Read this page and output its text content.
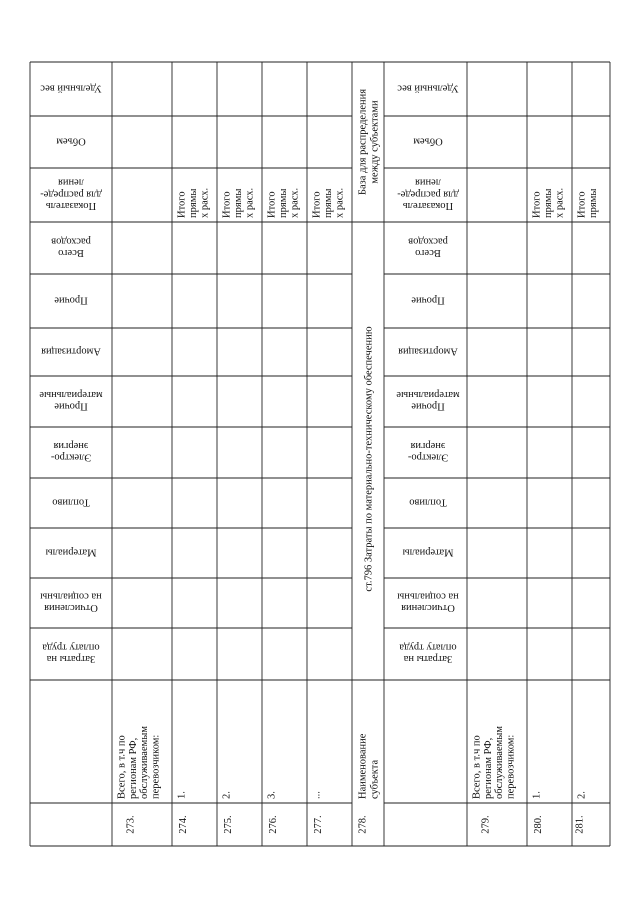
Удельный вес
Объем
Показательдля распреде-ления
Всегорасходов
Прочие
Амортизация
Прочиематериальные
Электро-энергия
Топливо
Материалы
Отчисленияна социальны
Затраты наоплату труда
Удельный вес
Объем
Показательдля распреде-ления
Всегорасходов
Прочие
Амортизация
Прочиематериальные
Электро-энергия
Топливо
Материалы
Отчисленияна социальны
Затраты наоплату труда
273.
Всего, в т.ч по регионам РФ, обслуживаемым перевозчиком:
274.
1.
Итого прямы х расх.
275.
2.
Итого прямы х расх.
276.
3.
Итого прямы х расх.
277.
...
Итого прямы х расх.
279.
Всего, в т.ч по регионам РФ, обслуживаемым перевозчиком:
280.
1.
Итого прямы х расх.
281.
2.
Итого прямы
278.
Наименование субъекта
ст.796 Затраты по материально-техническому обеспечению
База для распределения между субъектами
